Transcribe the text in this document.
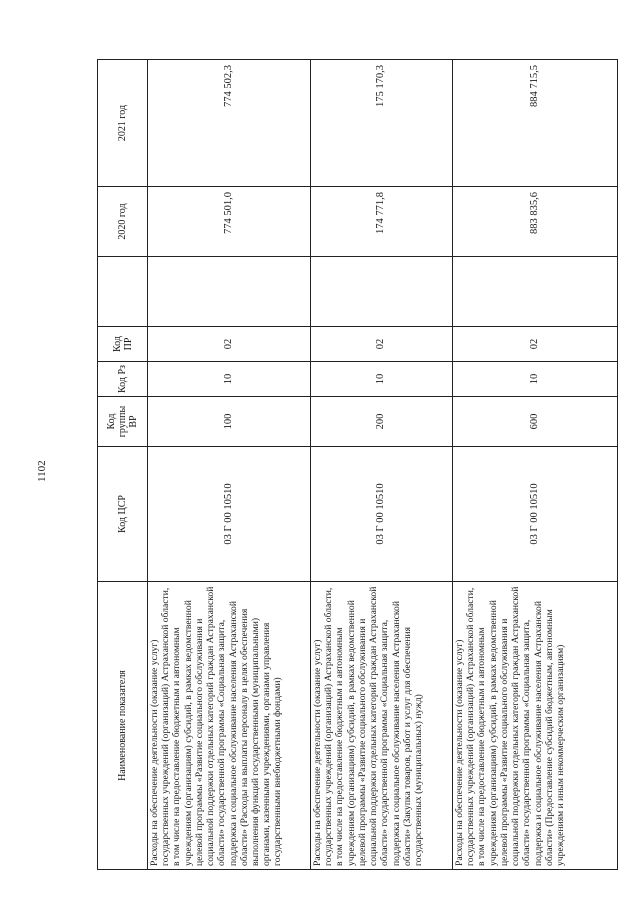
1102
Наименование показателя	Код ЦСР	Код группы ВР	Код Рз	Код ПР		2020 год	2021 год
Расходы на обеспечение деятельности (оказание услуг) государственных учреждений (организаций) Астраханской области, в том числе на предоставление бюджетным и автономным учреждениям (организациям) субсидий, в рамках ведомственной целевой программы «Развитие социального обслуживания и социальной поддержки отдельных категорий граждан Астраханской области» государственной программы «Социальная защита, поддержка и социальное обслуживание населения Астраханской области» (Расходы на выплаты персоналу в целях обеспечения выполнения функций государственными (муниципальными) органами, казенными учреждениями, органами управления государственными внебюджетными фондами)	03 Г 00 10510	100	10	02		774 501,0	774 502,3
Расходы на обеспечение деятельности (оказание услуг) государственных учреждений (организаций) Астраханской области, в том числе на предоставление бюджетным и автономным учреждениям (организациям) субсидий, в рамках ведомственной целевой программы «Развитие социального обслуживания и социальной поддержки отдельных категорий граждан Астраханской области» государственной программы «Социальная защита, поддержка и социальное обслуживание населения Астраханской области» (Закупка товаров, работ и услуг для обеспечения государственных (муниципальных) нужд)	03 Г 00 10510	200	10	02		174 771,8	175 170,3
Расходы на обеспечение деятельности (оказание услуг) государственных учреждений (организаций) Астраханской области, в том числе на предоставление бюджетным и автономным учреждениям (организациям) субсидий, в рамках ведомственной целевой программы «Развитие социального обслуживания и социальной поддержки отдельных категорий граждан Астраханской области» государственной программы «Социальная защита, поддержка и социальное обслуживание населения Астраханской области» (Предоставление субсидий бюджетным, автономным учреждениям и иным некоммерческим организациям)	03 Г 00 10510	600	10	02		883 835,6	884 715,5
